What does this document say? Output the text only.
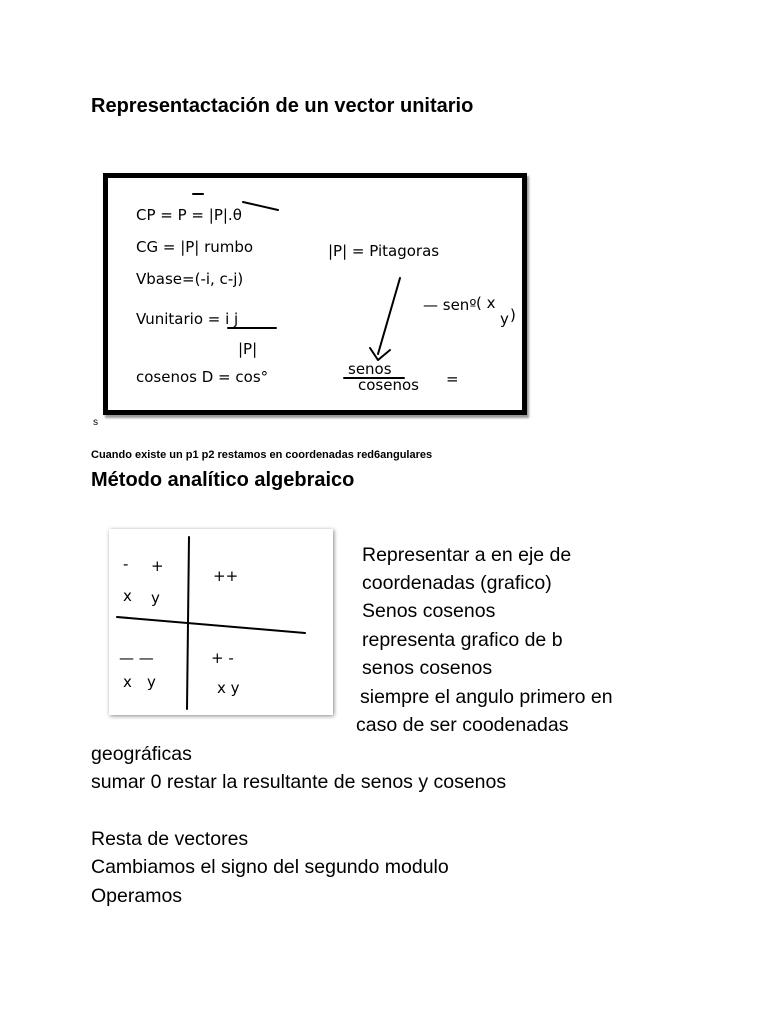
Representactación de un vector unitario
CP = P = |P|.θ
CG = |P| rumbo
Vbase=(-i, c-j)
Vunitario = i j
|P|
cosenos D = cos°	senos
cosenos =
|P| = Pitagoras
— senº ( x
y )
s
Cuando existe un p1 p2 restamos en coordenadas red6angulares
Método analítico algebraico
- +
x y
++
— —
x y
+ -
x y
Representar a en eje de
coordenadas (grafico)
Senos cosenos
representa grafico de b
senos cosenos
siempre el angulo primero en
caso de ser coodenadas
geográficas
sumar 0 restar la resultante de senos y cosenos
Resta de vectores
Cambiamos el signo del segundo modulo
Operamos
